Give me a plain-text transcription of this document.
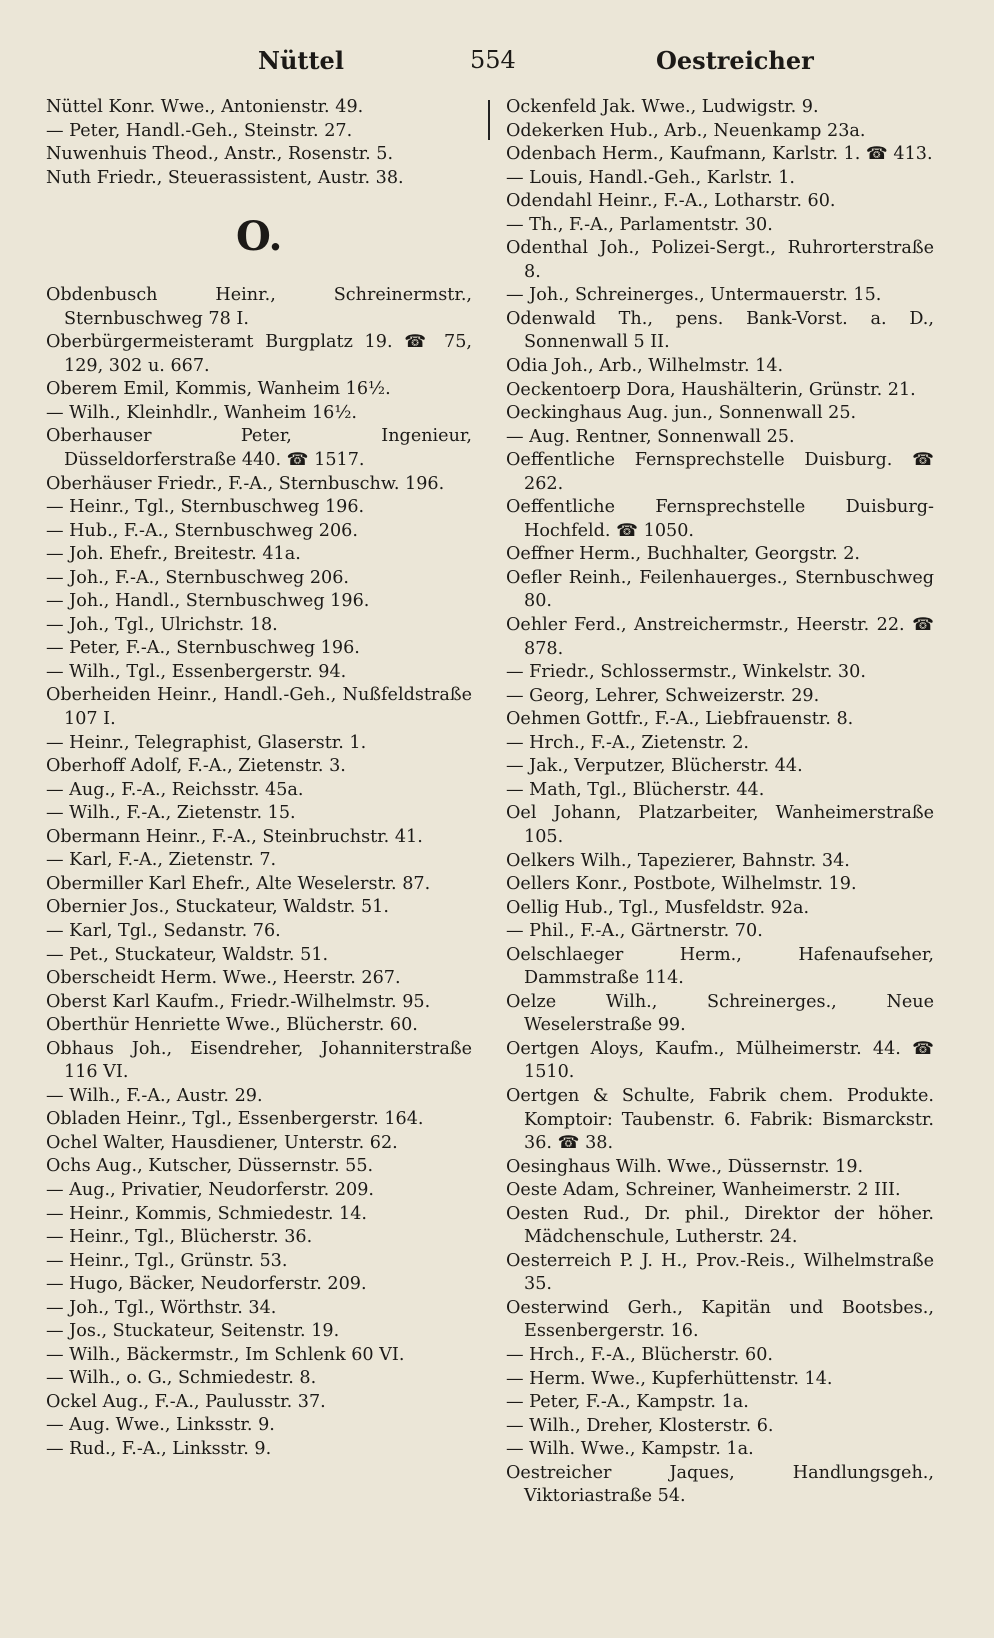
Nüttel	554	Oestreicher
Nüttel Konr. Wwe., Antonienstr. 49.
— Peter, Handl.-Geh., Steinstr. 27.
Nuwenhuis Theod., Anstr., Rosenstr. 5.
Nuth Friedr., Steuerassistent, Austr. 38.
O.
Obdenbusch Heinr., Schreinermstr., Sternbuschweg 78 I.
Oberbürgermeisteramt Burgplatz 19. ☎ 75, 129, 302 u. 667.
Oberem Emil, Kommis, Wanheim 16½.
— Wilh., Kleinhdlr., Wanheim 16½.
Oberhauser Peter, Ingenieur, Düsseldorferstraße 440. ☎ 1517.
Oberhäuser Friedr., F.-A., Sternbuschw. 196.
— Heinr., Tgl., Sternbuschweg 196.
— Hub., F.-A., Sternbuschweg 206.
— Joh. Ehefr., Breitestr. 41a.
— Joh., F.-A., Sternbuschweg 206.
— Joh., Handl., Sternbuschweg 196.
— Joh., Tgl., Ulrichstr. 18.
— Peter, F.-A., Sternbuschweg 196.
— Wilh., Tgl., Essenbergerstr. 94.
Oberheiden Heinr., Handl.-Geh., Nußfeldstraße 107 I.
— Heinr., Telegraphist, Glaserstr. 1.
Oberhoff Adolf, F.-A., Zietenstr. 3.
— Aug., F.-A., Reichsstr. 45a.
— Wilh., F.-A., Zietenstr. 15.
Obermann Heinr., F.-A., Steinbruchstr. 41.
— Karl, F.-A., Zietenstr. 7.
Obermiller Karl Ehefr., Alte Weselerstr. 87.
Obernier Jos., Stuckateur, Waldstr. 51.
— Karl, Tgl., Sedanstr. 76.
— Pet., Stuckateur, Waldstr. 51.
Oberscheidt Herm. Wwe., Heerstr. 267.
Oberst Karl Kaufm., Friedr.-Wilhelmstr. 95.
Oberthür Henriette Wwe., Blücherstr. 60.
Obhaus Joh., Eisendreher, Johanniterstraße 116 VI.
— Wilh., F.-A., Austr. 29.
Obladen Heinr., Tgl., Essenbergerstr. 164.
Ochel Walter, Hausdiener, Unterstr. 62.
Ochs Aug., Kutscher, Düssernstr. 55.
— Aug., Privatier, Neudorferstr. 209.
— Heinr., Kommis, Schmiedestr. 14.
— Heinr., Tgl., Blücherstr. 36.
— Heinr., Tgl., Grünstr. 53.
— Hugo, Bäcker, Neudorferstr. 209.
— Joh., Tgl., Wörthstr. 34.
— Jos., Stuckateur, Seitenstr. 19.
— Wilh., Bäckermstr., Im Schlenk 60 VI.
— Wilh., o. G., Schmiedestr. 8.
Ockel Aug., F.-A., Paulusstr. 37.
— Aug. Wwe., Linksstr. 9.
— Rud., F.-A., Linksstr. 9.
Ockenfeld Jak. Wwe., Ludwigstr. 9.
Odekerken Hub., Arb., Neuenkamp 23a.
Odenbach Herm., Kaufmann, Karlstr. 1. ☎ 413.
— Louis, Handl.-Geh., Karlstr. 1.
Odendahl Heinr., F.-A., Lotharstr. 60.
— Th., F.-A., Parlamentstr. 30.
Odenthal Joh., Polizei-Sergt., Ruhrorterstraße 8.
— Joh., Schreinerges., Untermauerstr. 15.
Odenwald Th., pens. Bank-Vorst. a. D., Sonnenwall 5 II.
Odia Joh., Arb., Wilhelmstr. 14.
Oeckentoerp Dora, Haushälterin, Grünstr. 21.
Oeckinghaus Aug. jun., Sonnenwall 25.
— Aug. Rentner, Sonnenwall 25.
Oeffentliche Fernsprechstelle Duisburg. ☎ 262.
Oeffentliche Fernsprechstelle Duisburg-Hochfeld. ☎ 1050.
Oeffner Herm., Buchhalter, Georgstr. 2.
Oefler Reinh., Feilenhauerges., Sternbuschweg 80.
Oehler Ferd., Anstreichermstr., Heerstr. 22. ☎ 878.
— Friedr., Schlossermstr., Winkelstr. 30.
— Georg, Lehrer, Schweizerstr. 29.
Oehmen Gottfr., F.-A., Liebfrauenstr. 8.
— Hrch., F.-A., Zietenstr. 2.
— Jak., Verputzer, Blücherstr. 44.
— Math, Tgl., Blücherstr. 44.
Oel Johann, Platzarbeiter, Wanheimerstraße 105.
Oelkers Wilh., Tapezierer, Bahnstr. 34.
Oellers Konr., Postbote, Wilhelmstr. 19.
Oellig Hub., Tgl., Musfeldstr. 92a.
— Phil., F.-A., Gärtnerstr. 70.
Oelschlaeger Herm., Hafenaufseher, Dammstraße 114.
Oelze Wilh., Schreinerges., Neue Weselerstraße 99.
Oertgen Aloys, Kaufm., Mülheimerstr. 44. ☎ 1510.
Oertgen & Schulte, Fabrik chem. Produkte. Komptoir: Taubenstr. 6. Fabrik: Bismarckstr. 36. ☎ 38.
Oesinghaus Wilh. Wwe., Düssernstr. 19.
Oeste Adam, Schreiner, Wanheimerstr. 2 III.
Oesten Rud., Dr. phil., Direktor der höher. Mädchenschule, Lutherstr. 24.
Oesterreich P. J. H., Prov.-Reis., Wilhelmstraße 35.
Oesterwind Gerh., Kapitän und Bootsbes., Essenbergerstr. 16.
— Hrch., F.-A., Blücherstr. 60.
— Herm. Wwe., Kupferhüttenstr. 14.
— Peter, F.-A., Kampstr. 1a.
— Wilh., Dreher, Klosterstr. 6.
— Wilh. Wwe., Kampstr. 1a.
Oestreicher Jaques, Handlungsgeh., Viktoriastraße 54.
